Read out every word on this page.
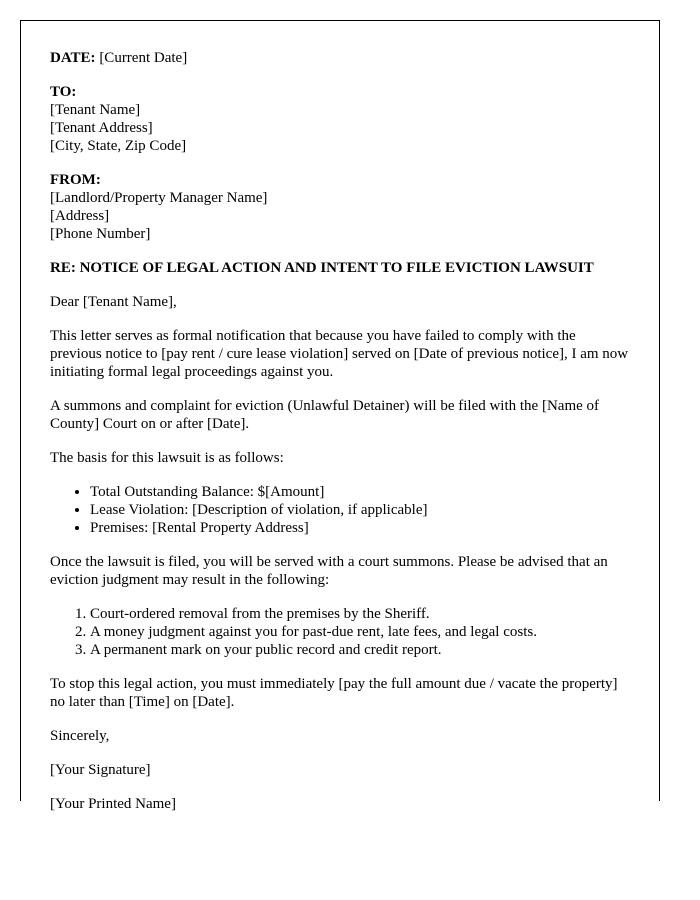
DATE: [Current Date]

TO:
[Tenant Name]
[Tenant Address]
[City, State, Zip Code]

FROM:
[Landlord/Property Manager Name]
[Address]
[Phone Number]

RE: NOTICE OF LEGAL ACTION AND INTENT TO FILE EVICTION LAWSUIT

Dear [Tenant Name],

This letter serves as formal notification that because you have failed to comply with the previous notice to [pay rent / cure lease violation] served on [Date of previous notice], I am now initiating formal legal proceedings against you.

A summons and complaint for eviction (Unlawful Detainer) will be filed with the [Name of County] Court on or after [Date].

The basis for this lawsuit is as follows:

• Total Outstanding Balance: $[Amount]
• Lease Violation: [Description of violation, if applicable]
• Premises: [Rental Property Address]

Once the lawsuit is filed, you will be served with a court summons. Please be advised that an eviction judgment may result in the following:

1. Court-ordered removal from the premises by the Sheriff.
2. A money judgment against you for past-due rent, late fees, and legal costs.
3. A permanent mark on your public record and credit report.

To stop this legal action, you must immediately [pay the full amount due / vacate the property] no later than [Time] on [Date].

Sincerely,

[Your Signature]

[Your Printed Name]
